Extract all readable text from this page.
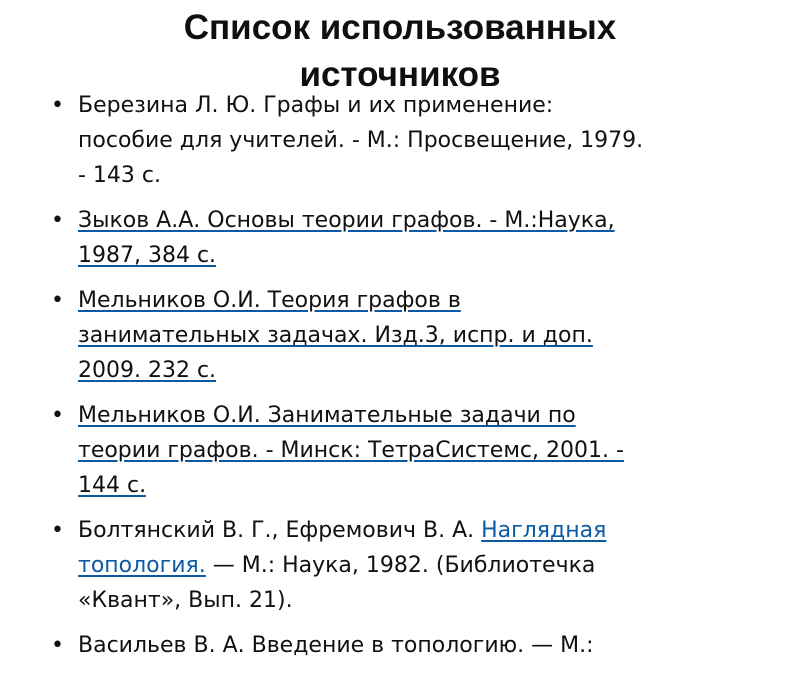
Список использованных
источников
• Березина Л. Ю. Графы и их применение:
пособие для учителей. - М.: Просвещение, 1979.
- 143 с.
• Зыков А.А. Основы теории графов. - М.:Наука,
1987, 384 с.
• Мельников О.И. Теория графов в
занимательных задачах. Изд.3, испр. и доп.
2009. 232 с.
• Мельников О.И. Занимательные задачи по
теории графов. - Минск: ТетраСистемс, 2001. -
144 с.
• Болтянский В. Г., Ефремович В. А. Наглядная
топология. — М.: Наука, 1982. (Библиотечка
«Квант», Вып. 21).
• Васильев В. А. Введение в топологию. — М.:
